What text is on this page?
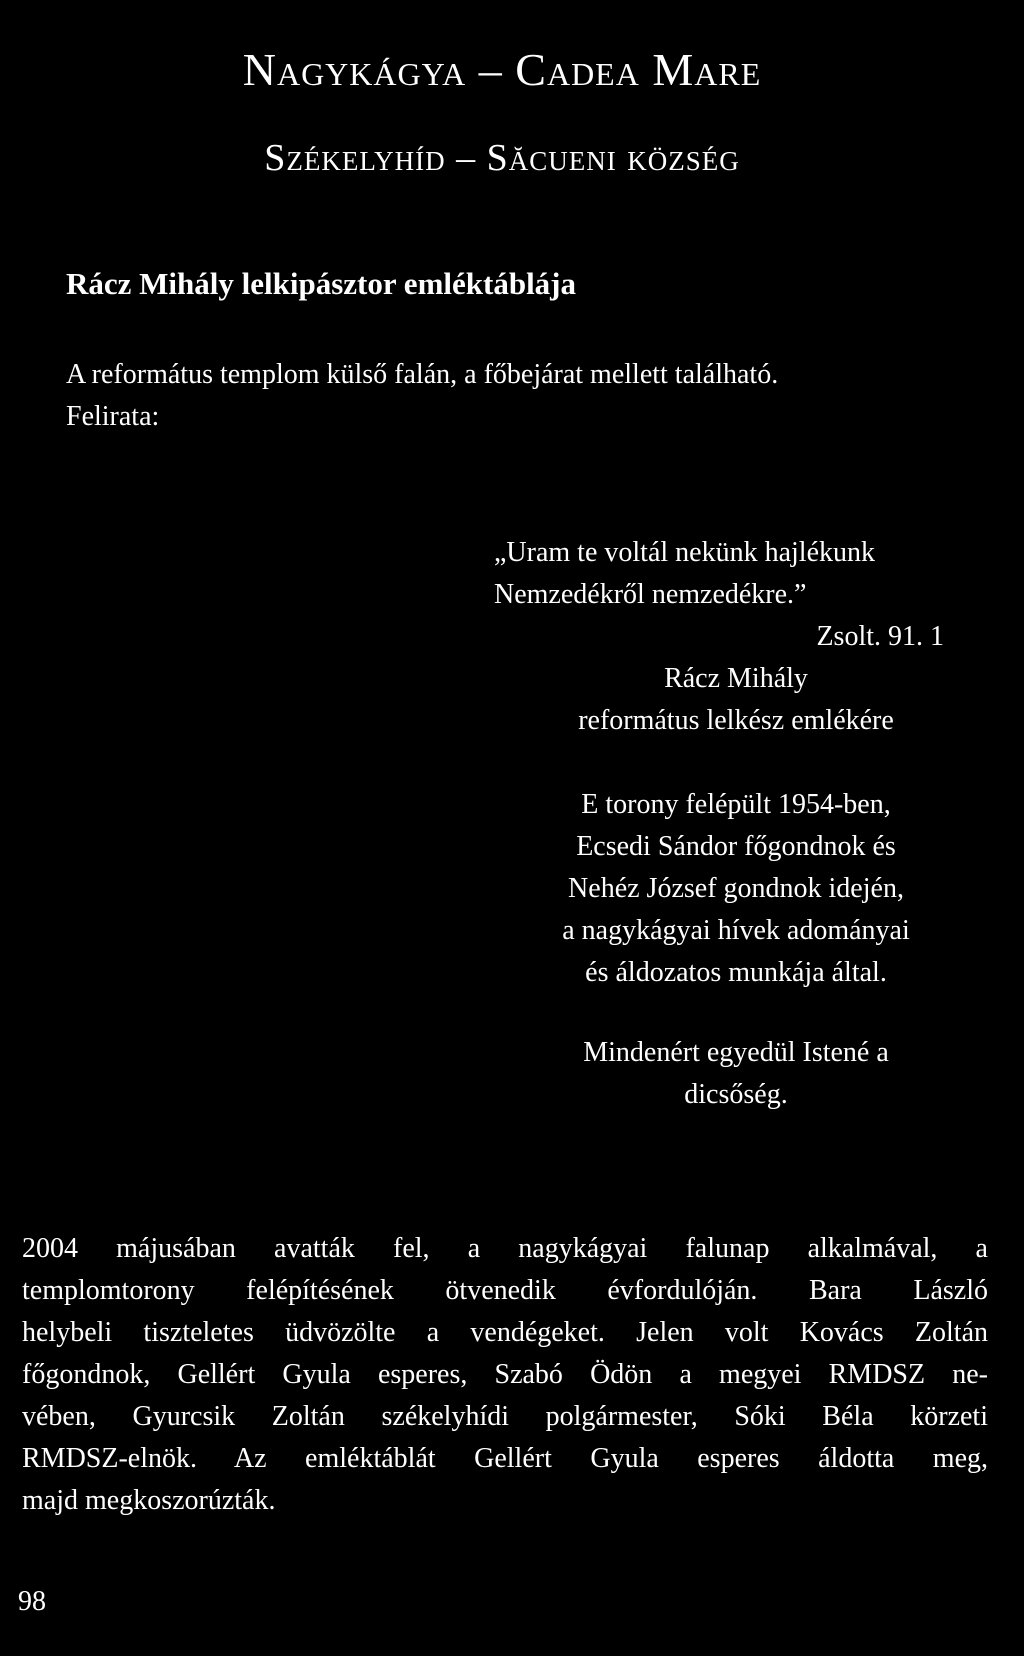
Nagykágya – Cadea Mare
Székelyhíd – Săcueni község
Rácz Mihály lelkipásztor emléktáblája
A református templom külső falán, a főbejárat mellett található.
Felirata:
„Uram te voltál nekünk hajlékunk
Nemzedékről nemzedékre.”
Zsolt. 91. 1
Rácz Mihály
református lelkész emlékére
E torony felépült 1954-ben,
Ecsedi Sándor főgondnok és
Nehéz József gondnok idején,
a nagykágyai hívek adományai
és áldozatos munkája által.
Mindenért egyedül Istené a
dicsőség.
2004 májusában avatták fel, a nagykágyai falunap alkalmával, a
templomtorony felépítésének ötvenedik évfordulóján. Bara László
helybeli tiszteletes üdvözölte a vendégeket. Jelen volt Kovács Zoltán
főgondnok, Gellért Gyula esperes, Szabó Ödön a megyei RMDSZ ne-
vében, Gyurcsik Zoltán székelyhídi polgármester, Sóki Béla körzeti
RMDSZ-elnök. Az emléktáblát Gellért Gyula esperes áldotta meg,
majd megkoszorúzták.
98
